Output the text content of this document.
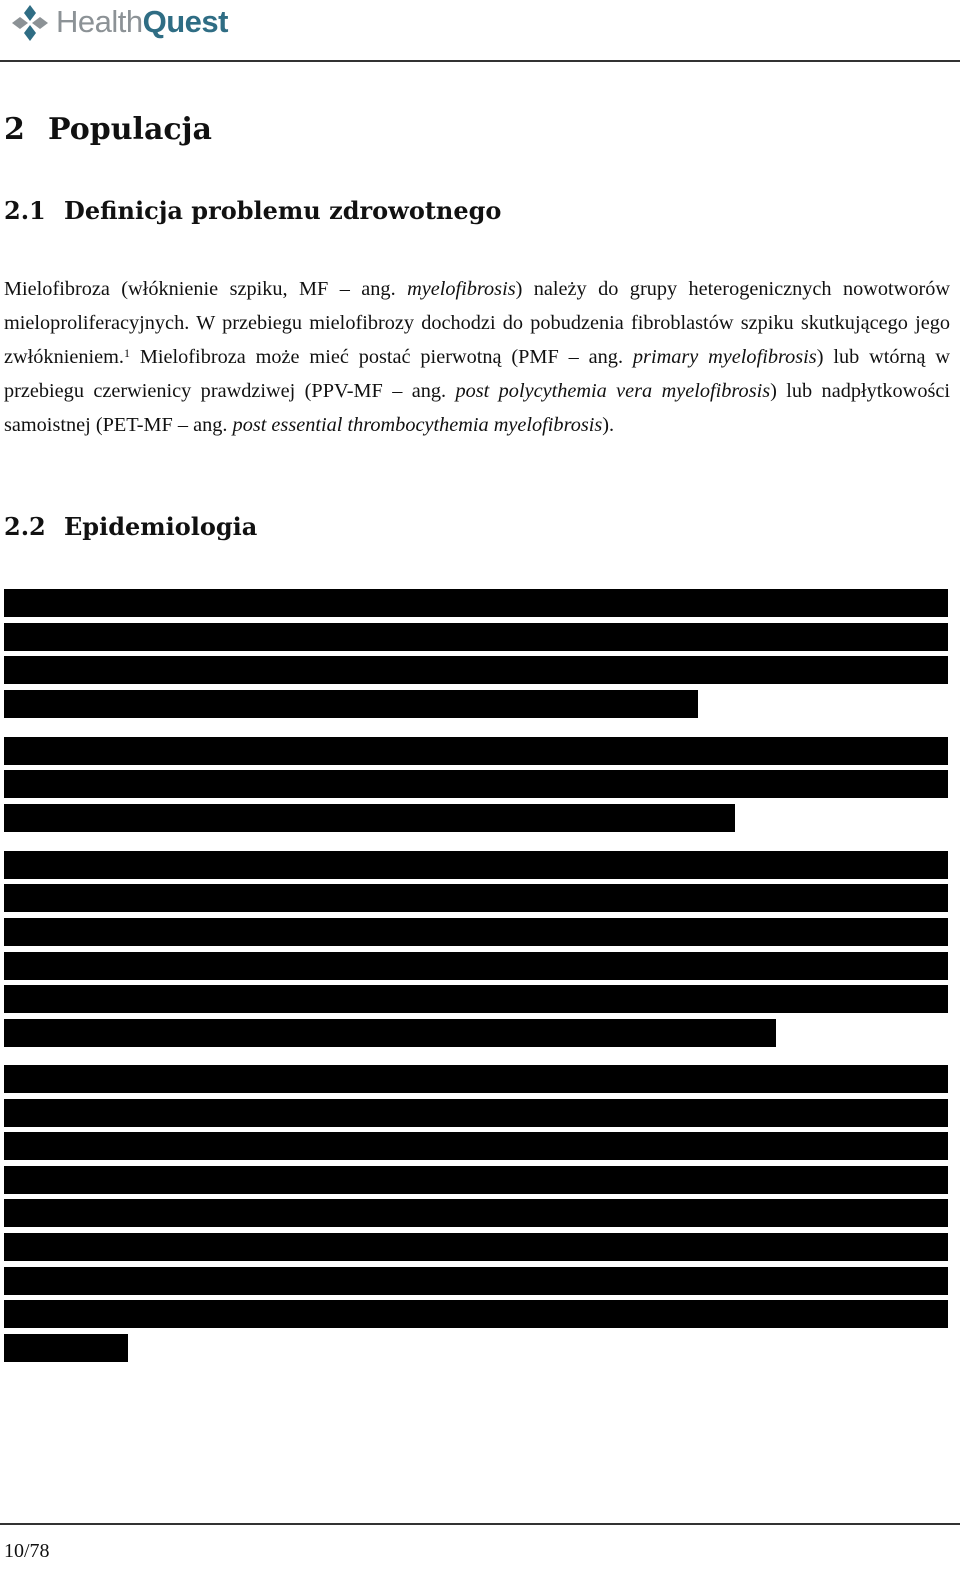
HealthQuest
2 Populacja
2.1 Definicja problemu zdrowotnego
Mielofibroza (włóknienie szpiku, MF – ang. myelofibrosis) należy do grupy heterogenicznych nowotworów mieloproliferacyjnych. W przebiegu mielofibrozy dochodzi do pobudzenia fibroblastów szpiku skutkującego jego zwłóknieniem.$^1$ Mielofibroza może mieć postać pierwotną (PMF – ang. primary myelofibrosis) lub wtórną w przebiegu czerwienicy prawdziwej (PPV-MF – ang. post polycythemia vera myelofibrosis) lub nadpłytkowości samoistnej (PET-MF – ang. post essential thrombocythemia myelofibrosis).
2.2 Epidemiologia
10/78
